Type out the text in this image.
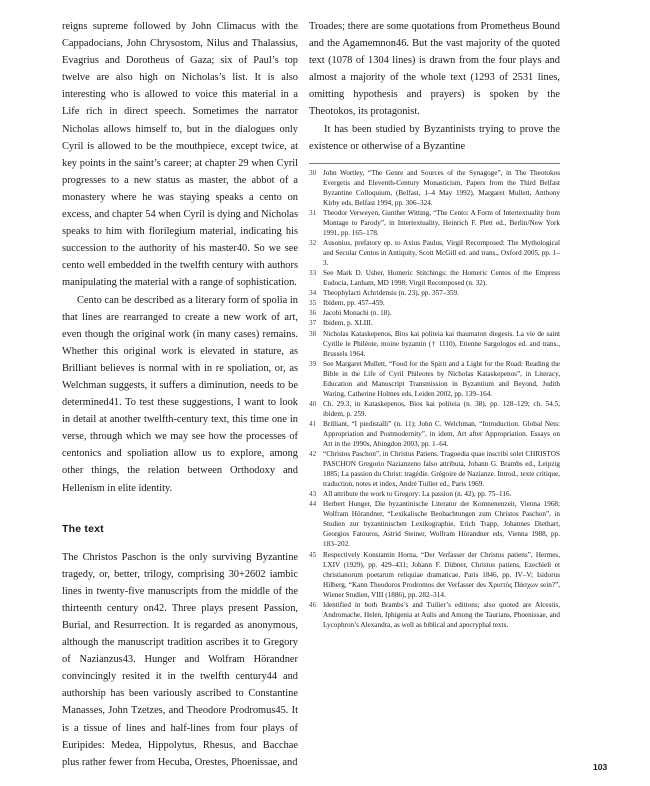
reigns supreme followed by John Climacus with the Cappadocians, John Chrysostom, Nilus and Thalassius, Evagrius and Dorotheus of Gaza; six of Paul’s top twelve are also high on Nicholas’s list. It is also interesting who is allowed to voice this material in a Life rich in direct speech. Sometimes the narrator Nicholas allows himself to, but in the dialogues only Cyril is allowed to be the mouthpiece, except twice, at key points in the saint’s career; at chapter 29 when Cyril progresses to a new status as master, the abbot of a monastery where he was staying speaks a cento on excess, and chapter 54 when Cyril is dying and Nicholas speaks to him with florilegium material, indicating his succession to the authority of his master40. So we see cento well embedded in the twelfth century with authors manipulating the material with a range of sophistication.

Cento can be described as a literary form of spolia in that lines are rearranged to create a new work of art, even though the original work (in many cases) remains. Whether this original work is elevated in stature, as Brilliant believes is normal with in re spoliation, or, as Welchman suggests, it suffers a diminution, needs to be determined41. To test these suggestions, I want to look in detail at another twelfth-century text, this time one in verse, through which we may see how the processes of centonics and spoliation allow us to explore, among other things, the relation between Orthodoxy and Hellenism in elite identity.

The text

The Christos Paschon is the only surviving Byzantine tragedy, or, better, trilogy, comprising 30+2602 iambic lines in twenty-five manuscripts from the middle of the thirteenth century on42. Three plays present Passion, Burial, and Resurrection. It is regarded as anonymous, although the manuscript tradition ascribes it to Gregory of Nazianzus43. Hunger and Wolfram Hörandner convincingly resited it in the twelfth century44 and authorship has been variously ascribed to Constantine Manasses, John Tzetzes, and Theodore Prodromus45. It is a tissue of lines and half-lines from four plays of Euripides: Medea, Hippolytus, Rhesus, and Bacchae plus rather fewer from Hecuba, Orestes, Phoenissae, and

Troades; there are some quotations from Prometheus Bound and the Agamemnon46. But the vast majority of the quoted text (1078 of 1304 lines) is drawn from the four plays and almost a majority of the whole text (1293 of 2531 lines, omitting hypothesis and prayers) is spoken by the Theotokos, its protagonist.

It has been studied by Byzantinists trying to prove the existence or otherwise of a Byzantine

30 John Wortley, “The Genre and Sources of the Synagoge”, in The Theotokos Evergetis and Eleventh-Century Monasticism, Papers from the Third Belfast Byzantine Colloquium, (Belfast, 1–4 May 1992), Margaret Mullett, Anthony Kirby eds, Belfast 1994, pp. 306–324.
31 Theodor Verweyen, Gunther Witting, “The Cento: A Form of Intertextuality from Montage to Parody”, in Intertextuality, Heinrich F. Plett ed., Berlin/New York 1991, pp. 165–178.
32 Ausonius, prefatory ep. to Axius Paulus, Virgil Recomposed: The Mythological and Secular Centos in Antiquity, Scott McGill ed. and trans., Oxford 2005, pp. 1–3.
33 See Mark D. Usher, Homeric Stitchings: the Homeric Centos of the Empress Eudocia, Lanham, MD 1998; Virgil Recomposed (n. 32).
34 Theophylacti Achridensis (n. 23), pp. 357–359.
35 Ibidem, pp. 457–459.
36 Jacobi Monachi (n. 18).
37 Ibidem, p. XLIII.
38 Nicholas Kataskepenos, Bios kai politeia kai thaumaton diegesis. La vie de saint Cyrille le Philéote, moine byzantin († 1110), Etienne Sargologos ed. and trans., Brussels 1964.
39 See Margaret Mullett, “Food for the Spirit and a Light for the Road: Reading the Bible in the Life of Cyril Phileotes by Nicholas Kataskepenos”, in Literacy, Education and Manuscript Transmission in Byzantium and Beyond, Judith Waring, Catherine Holmes eds, Leiden 2002, pp. 139–164.
40 Ch. 29.3, in Kataskepenos, Bios kai politeia (n. 38), pp. 128–129; ch. 54.5, ibidem, p. 259.
41 Brilliant, “I piedistalli” (n. 11); John C. Welchman, “Introduction. Global Nets: Appropriation and Postmodernity”, in idem, Art after Appropriation. Essays on Art in the 1990s, Abingdon 2003, pp. 1–64.
42 “Christos Paschon”, in Christus Patiens. Tragoedia quae inscribi solet CHRISTOS PASCHON Gregorio Nazianzeno falso attributa, Johann G. Brambs ed., Leipzig 1885; La passion du Christ: tragédie. Grégoire de Nazianze. Introd., texte critique, traduction, notes et index, André Tuilier ed., Paris 1969.
43 All attribute the work to Gregory: La passion (n. 42), pp. 75–116.
44 Herbert Hunger, Die byzantinische Literatur der Komnenenzeit, Vienna 1968; Wolfram Hörandner, “Lexikalische Beobachtungen zum Christos Paschon”, in Studien zur byzantinischen Lexikographie, Erich Trapp, Johannes Diethart, Georgios Fatouros, Astrid Steiner, Wolfram Hörandner eds, Vienna 1988, pp. 183–202.
45 Respectively Konstantin Horna, “Der Verfasser der Christus patiens”, Hermes, LXIV (1929), pp. 429–431; Johann F. Dübner, Christus patiens, Ezechieli et christianorum poetarum reliquiae dramaticae, Paris 1846, pp. IV–V; Isidorus Hilberg, “Kann Theodoros Prodromos der Verfasser des Χριστὸς Πάσχων sein?”, Wiener Studien, VIII (1886), pp. 282–314.
46 Identified in both Brambs’s and Tuilier’s editions; also quoted are Alcestis, Andromache, Helen, Iphigenia at Aulis and Among the Taurians, Phoenissae, and Lycophron’s Alexandra, as well as biblical and apocryphal texts.
103
